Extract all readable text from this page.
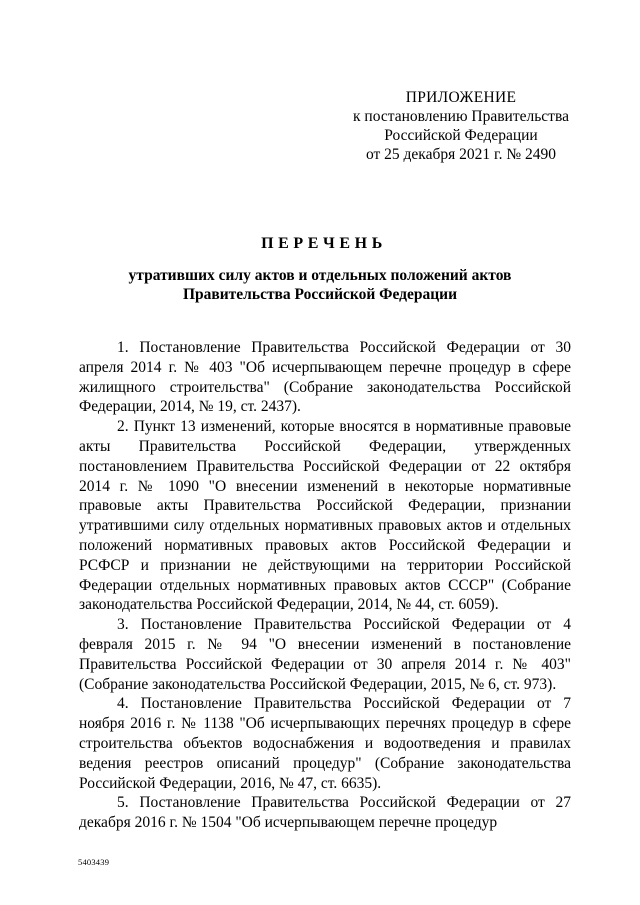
ПРИЛОЖЕНИЕ
к постановлению Правительства
Российской Федерации
от 25 декабря 2021 г. № 2490
ПЕРЕЧЕНЬ
утративших силу актов и отдельных положений актов
Правительства Российской Федерации

1. Постановление Правительства Российской Федерации от 30 апреля 2014 г. № 403 "Об исчерпывающем перечне процедур в сфере жилищного строительства" (Собрание законодательства Российской Федерации, 2014, № 19, ст. 2437).

2. Пункт 13 изменений, которые вносятся в нормативные правовые акты Правительства Российской Федерации, утвержденных постановлением Правительства Российской Федерации от 22 октября 2014 г. № 1090 "О внесении изменений в некоторые нормативные правовые акты Правительства Российской Федерации, признании утратившими силу отдельных нормативных правовых актов и отдельных положений нормативных правовых актов Российской Федерации и РСФСР и признании не действующими на территории Российской Федерации отдельных нормативных правовых актов СССР" (Собрание законодательства Российской Федерации, 2014, № 44, ст. 6059).

3. Постановление Правительства Российской Федерации от 4 февраля 2015 г. № 94 "О внесении изменений в постановление Правительства Российской Федерации от 30 апреля 2014 г. № 403" (Собрание законодательства Российской Федерации, 2015, № 6, ст. 973).

4. Постановление Правительства Российской Федерации от 7 ноября 2016 г. № 1138 "Об исчерпывающих перечнях процедур в сфере строительства объектов водоснабжения и водоотведения и правилах ведения реестров описаний процедур" (Собрание законодательства Российской Федерации, 2016, № 47, ст. 6635).

5. Постановление Правительства Российской Федерации от 27 декабря 2016 г. № 1504 "Об исчерпывающем перечне процедур

5403439
